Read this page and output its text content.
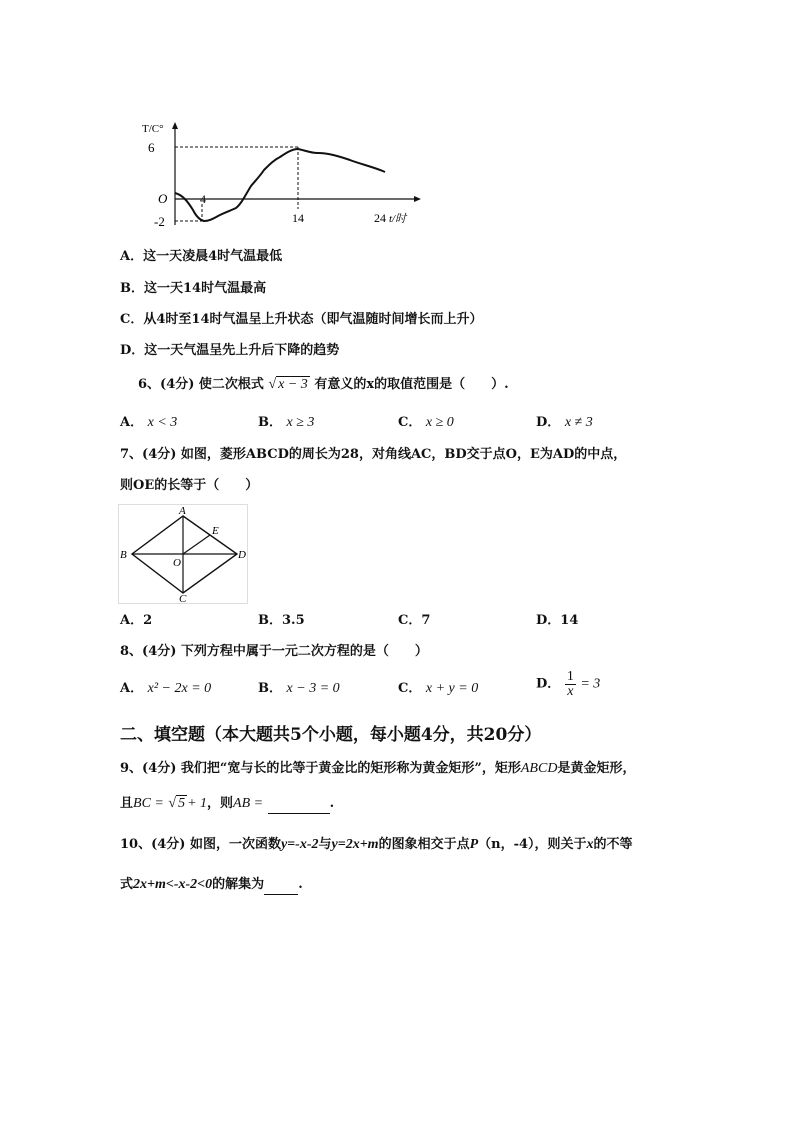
T/C°
6
O
-2
4
14	24 t/时
A．这一天凌晨4时气温最低
B．这一天14时气温最高
C．从4时至14时气温呈上升状态（即气温随时间增长而上升）
D．这一天气温呈先上升后下降的趋势
6、(4分) 使二次根式 √ x − 3 有意义的x的取值范围是（　　）.
A． x < 3	B． x ≥ 3	C． x ≥ 0	D． x ≠ 3
7、(4分) 如图，菱形ABCD的周长为28，对角线AC，BD交于点O，E为AD的中点，
则OE的长等于（　　）
A
E
B	D
O
C
A．2	B．3.5	C．7	D．14
8、(4分) 下列方程中属于一元二次方程的是（　　）
A． x² − 2x = 0	B． x − 3 = 0	C． x + y = 0	D． $\frac{1}{x} = 3$
二、填空题（本大题共5个小题，每小题4分，共20分）
9、(4分) 我们把“宽与长的比等于黄金比的矩形称为黄金矩形”，矩形ABCD是黄金矩形，
且BC = √ 5 + 1，则AB =	.
10、(4分) 如图，一次函数y=-x-2与y=2x+m的图象相交于点P（n，-4），则关于x的不等
式2x+m<-x-2<0的解集为	.
